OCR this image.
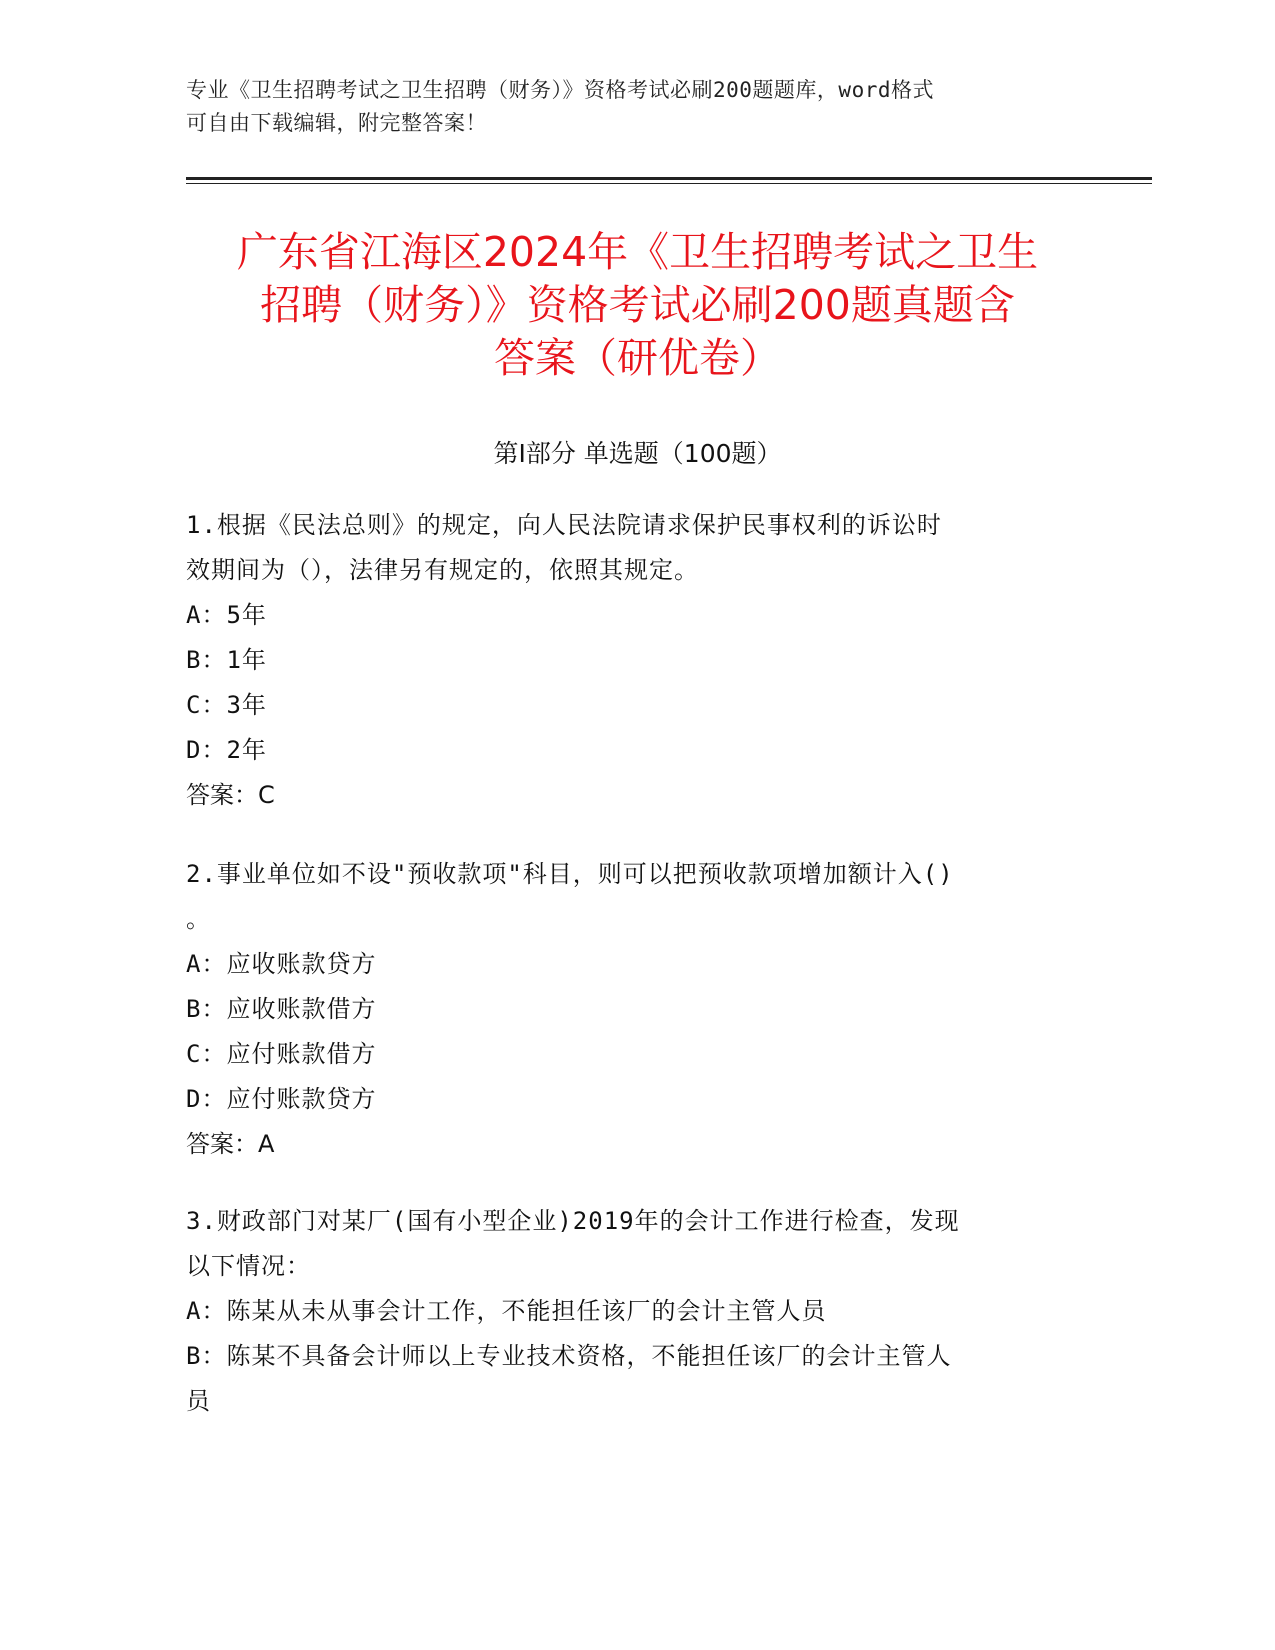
专业《卫生招聘考试之卫生招聘（财务）》资格考试必刷200题题库，word格式
可自由下载编辑，附完整答案！
广东省江海区2024年《卫生招聘考试之卫生
招聘（财务）》资格考试必刷200题真题含
答案（研优卷）
第Ⅰ部分 单选题（100题）
1.根据《民法总则》的规定，向人民法院请求保护民事权利的诉讼时
效期间为（），法律另有规定的，依照其规定。
A：5年
B：1年
C：3年
D：2年
答案：C
2.事业单位如不设"预收款项"科目，则可以把预收款项增加额计入()
。
A：应收账款贷方
B：应收账款借方
C：应付账款借方
D：应付账款贷方
答案：A
3.财政部门对某厂(国有小型企业)2019年的会计工作进行检查，发现
以下情况：
A：陈某从未从事会计工作，不能担任该厂的会计主管人员
B：陈某不具备会计师以上专业技术资格，不能担任该厂的会计主管人
员
